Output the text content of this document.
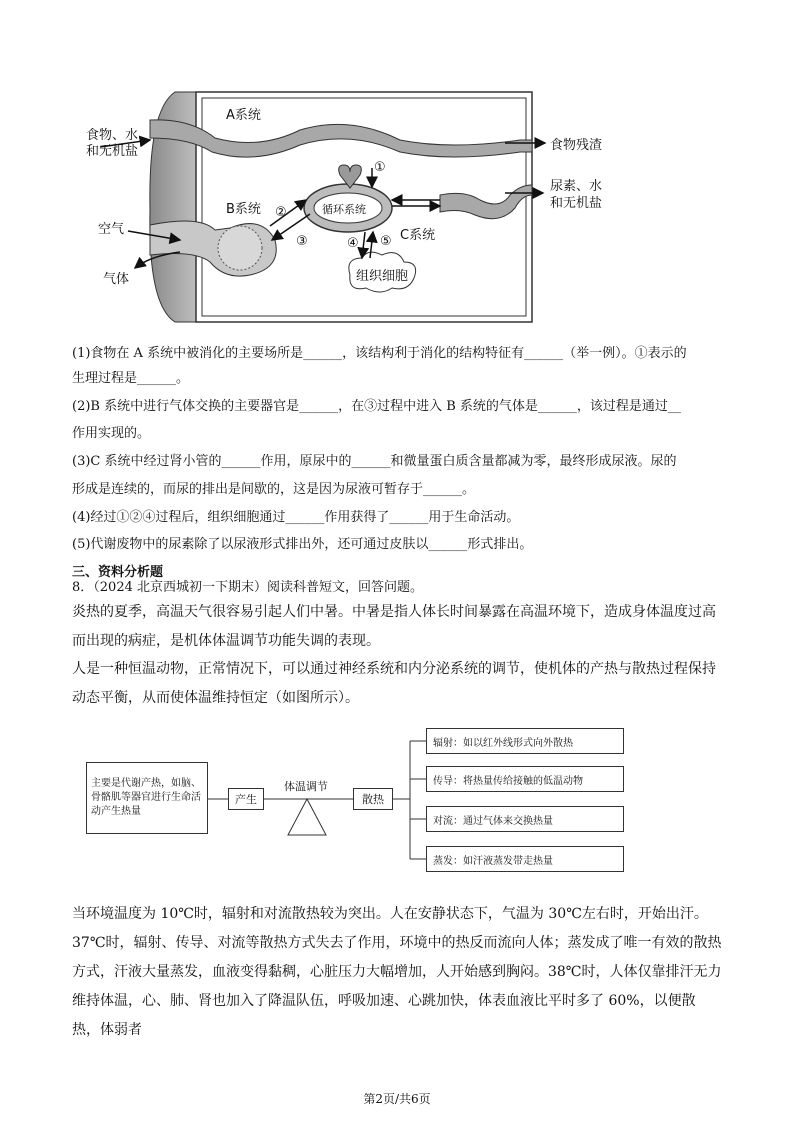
A系统
食物、水
和无机盐	食物残渣
尿素、水
和无机盐
B系统
C系统
空气
气体
循环系统
组织细胞
①
②
③	④ ⑤
(1)食物在 A 系统中被消化的主要场所是______，该结构利于消化的结构特征有______（举一例）。①表示的
生理过程是______。
(2)B 系统中进行气体交换的主要器官是______，在③过程中进入 B 系统的气体是______，该过程是通过__
作用实现的。
(3)C 系统中经过肾小管的______作用，原尿中的______和微量蛋白质含量都减为零，最终形成尿液。尿的
形成是连续的，而尿的排出是间歇的，这是因为尿液可暂存于______。
(4)经过①②④过程后，组织细胞通过______作用获得了______用于生命活动。
(5)代谢废物中的尿素除了以尿液形式排出外，还可通过皮肤以______形式排出。
三、资料分析题
8．（2024 北京西城初一下期末）阅读科普短文，回答问题。
炎热的夏季，高温天气很容易引起人们中暑。中暑是指人体长时间暴露在高温环境下，造成身体温度过高而出现的病症，是机体体温调节功能失调的表现。
人是一种恒温动物，正常情况下，可以通过神经系统和内分泌系统的调节，使机体的产热与散热过程保持动态平衡，从而使体温维持恒定（如图所示）。
主要是代谢产热，如脑、骨骼肌等器官进行生命活动产生热量
产生
体温调节
散热
辐射：如以红外线形式向外散热
传导：将热量传给接触的低温动物
对流：通过气体来交换热量
蒸发：如汗液蒸发带走热量
当环境温度为 10℃时，辐射和对流散热较为突出。人在安静状态下，气温为 30℃左右时，开始出汗。37℃时，辐射、传导、对流等散热方式失去了作用，环境中的热反而流向人体；蒸发成了唯一有效的散热方式，汗液大量蒸发，血液变得黏稠，心脏压力大幅增加，人开始感到胸闷。38℃时，人体仅靠排汗无力维持体温，心、肺、肾也加入了降温队伍，呼吸加速、心跳加快，体表血液比平时多了 60%，以便散热，体弱者
第2页/共6页
